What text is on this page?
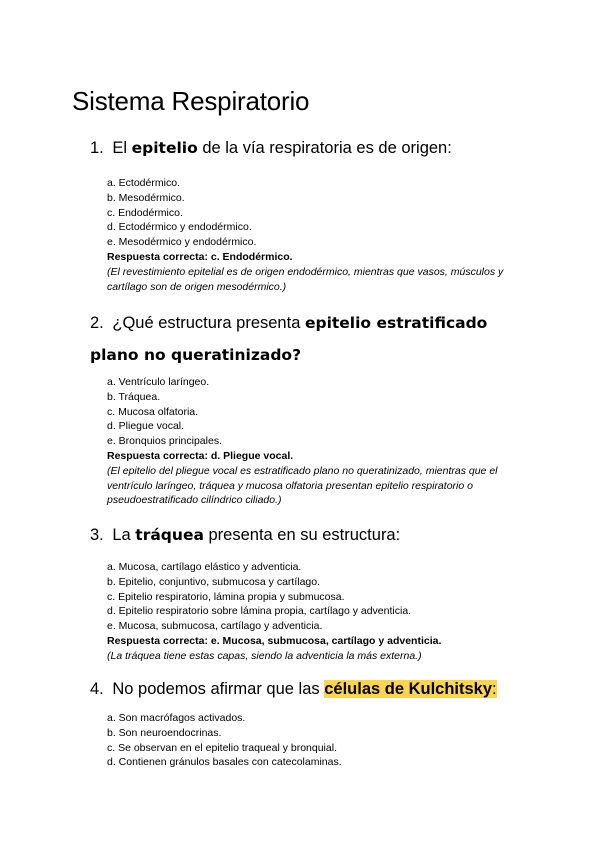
Sistema Respiratorio
1. El epitelio de la vía respiratoria es de origen:
a. Ectodérmico.
b. Mesodérmico.
c. Endodérmico.
d. Ectodérmico y endodérmico.
e. Mesodérmico y endodérmico.
Respuesta correcta: c. Endodérmico.
(El revestimiento epitelial es de origen endodérmico, mientras que vasos, músculos y cartílago son de origen mesodérmico.)
2. ¿Qué estructura presenta epitelio estratificado plano no queratinizado?
a. Ventrículo laríngeo.
b. Tráquea.
c. Mucosa olfatoria.
d. Pliegue vocal.
e. Bronquios principales.
Respuesta correcta: d. Pliegue vocal.
(El epitelio del pliegue vocal es estratificado plano no queratinizado, mientras que el ventrículo laríngeo, tráquea y mucosa olfatoria presentan epitelio respiratorio o pseudoestratificado cilíndrico ciliado.)
3. La tráquea presenta en su estructura:
a. Mucosa, cartílago elástico y adventicia.
b. Epitelio, conjuntivo, submucosa y cartílago.
c. Epitelio respiratorio, lámina propia y submucosa.
d. Epitelio respiratorio sobre lámina propia, cartílago y adventicia.
e. Mucosa, submucosa, cartílago y adventicia.
Respuesta correcta: e. Mucosa, submucosa, cartílago y adventicia.
(La tráquea tiene estas capas, siendo la adventicia la más externa.)
4. No podemos afirmar que las células de Kulchitsky:
a. Son macrófagos activados.
b. Son neuroendocrinas.
c. Se observan en el epitelio traqueal y bronquial.
d. Contienen gránulos basales con catecolaminas.
